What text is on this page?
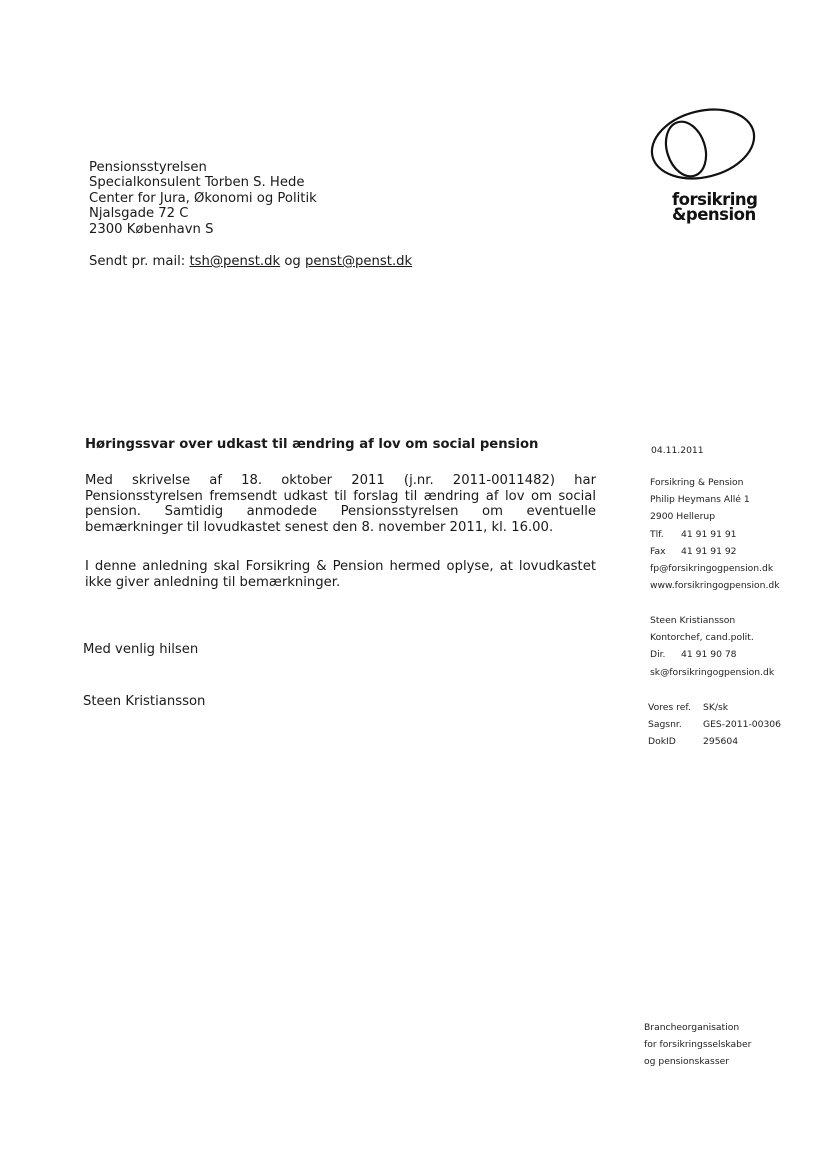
Pensionsstyrelsen
Specialkonsulent Torben S. Hede
Center for Jura, Økonomi og Politik
Njalsgade 72 C
2300 København S
Sendt pr. mail: tsh@penst.dk og penst@penst.dk
forsikring
&pension
Høringssvar over udkast til ændring af lov om social pension
Med skrivelse af 18. oktober 2011 (j.nr. 2011-0011482) har Pensionsstyrelsen fremsendt udkast til forslag til ændring af lov om social pension. Samtidig anmodede Pensionsstyrelsen om eventuelle bemærkninger til lovudkastet senest den 8. november 2011, kl. 16.00.
I denne anledning skal Forsikring & Pension hermed oplyse, at lovudkastet ikke giver anledning til bemærkninger.
Med venlig hilsen
Steen Kristiansson
04.11.2011
Forsikring & Pension
Philip Heymans Allé 1
2900 Hellerup
Tlf. 41 91 91 91
Fax 41 91 91 92
fp@forsikringogpension.dk
www.forsikringogpension.dk
Steen Kristiansson
Kontorchef, cand.polit.
Dir. 41 91 90 78
sk@forsikringogpension.dk
Vores ref. SK/sk
Sagsnr. GES-2011-00306
DokID	295604
Brancheorganisation
for forsikringsselskaber
og pensionskasser
